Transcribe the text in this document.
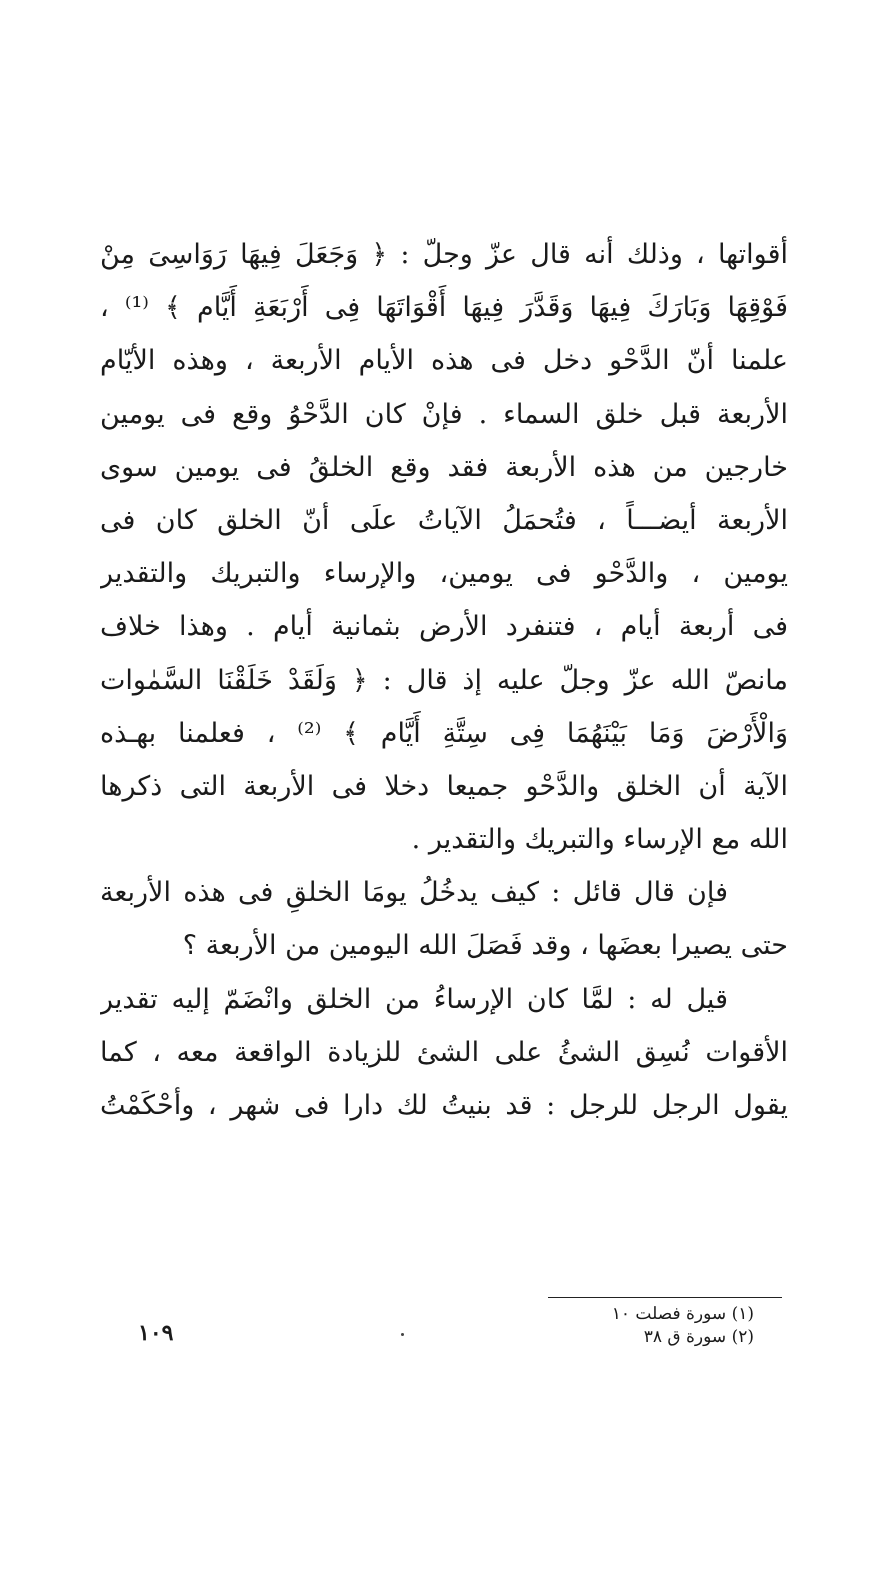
أقواتها ، وذلك أنه قال عزّ وجلّ : ﴿ وَجَعَلَ فِيهَا رَوَاسِىَ مِنْ
فَوْقِهَا وَبَارَكَ فِيهَا وَقَدَّرَ فِيهَا أَقْوَاتَهَا فِى أَرْبَعَةِ أَيَّام ﴾ ⁽¹⁾ ،
علمنا أنّ الدَّحْو دخل فى هذه الأيام الأربعة ، وهذه الأيّام
الأربعة قبل خلق السماء . فإنْ كان الدَّحْوُ وقع فى يومين
خارجين من هذه الأربعة فقد وقع الخلقُ فى يومين سوى
الأربعة أيضـــاً ، فتُحمَلُ الآياتُ علَى أنّ الخلق كان فى
يومين ، والدَّحْو فى يومين، والإرساء والتبريك والتقدير
فى أربعة أيام ، فتنفرد الأرض بثمانية أيام . وهذا خلاف
مانصّ الله عزّ وجلّ عليه إذ قال : ﴿ وَلَقَدْ خَلَقْنَا السَّمٰوات
وَالْأَرْضَ وَمَا بَيْنَهُمَا فِى سِتَّةِ أَيَّام ﴾ ⁽²⁾ ، فعلمنا بهـذه
الآية أن الخلق والدَّحْو جميعا دخلا فى الأربعة التى ذكرها
الله مع الإرساء والتبريك والتقدير .
فإن قال قائل : كيف يدخُلُ يومَا الخلقِ فى هذه الأربعة
حتى يصيرا بعضَها ، وقد فَصَلَ الله اليومين من الأربعة ؟
قيل له : لمَّا كان الإرساءُ من الخلق وانْضَمّ إليه تقدير
الأقوات نُسِق الشئُ على الشئ للزيادة الواقعة معه ، كما
يقول الرجل للرجل : قد بنيتُ لك دارا فى شهر ، وأحْكَمْتُ
(١) سورة فصلت ١٠
(٢) سورة ق ٣٨
١٠٩
